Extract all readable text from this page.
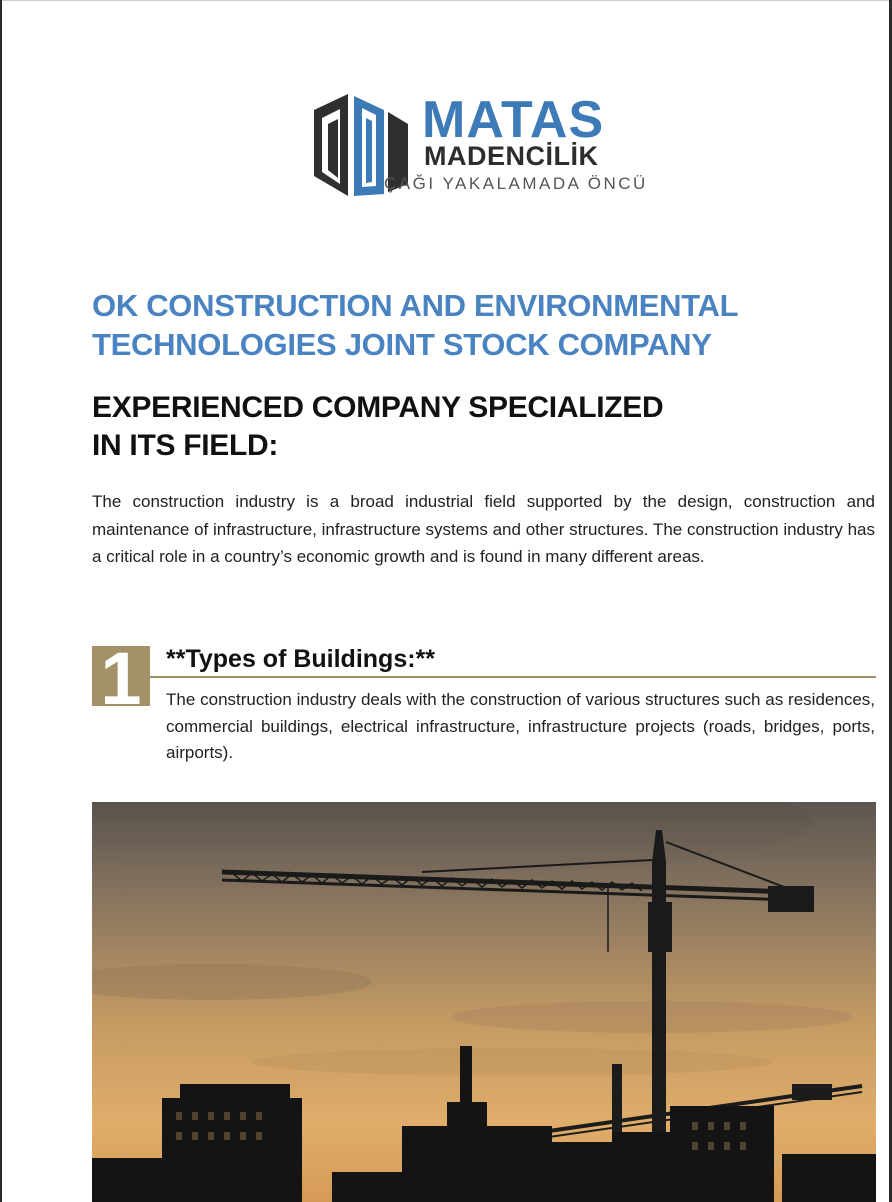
MATAS
MADENCİLİK
ÇAĞI YAKALAMADA ÖNCÜ
OK CONSTRUCTION AND ENVIRONMENTAL
TECHNOLOGIES JOINT STOCK COMPANY
EXPERIENCED COMPANY SPECIALIZED
IN ITS FIELD:

The construction industry is a broad industrial field supported by the design, construction and maintenance of infrastructure, infrastructure systems and other structures. The construction industry has a critical role in a country’s economic growth and is found in many different areas.

1 **Types of Buildings:**

The construction industry deals with the construction of various structures such as residences, commercial buildings, electrical infrastructure, infrastructure projects (roads, bridges, ports, airports).
